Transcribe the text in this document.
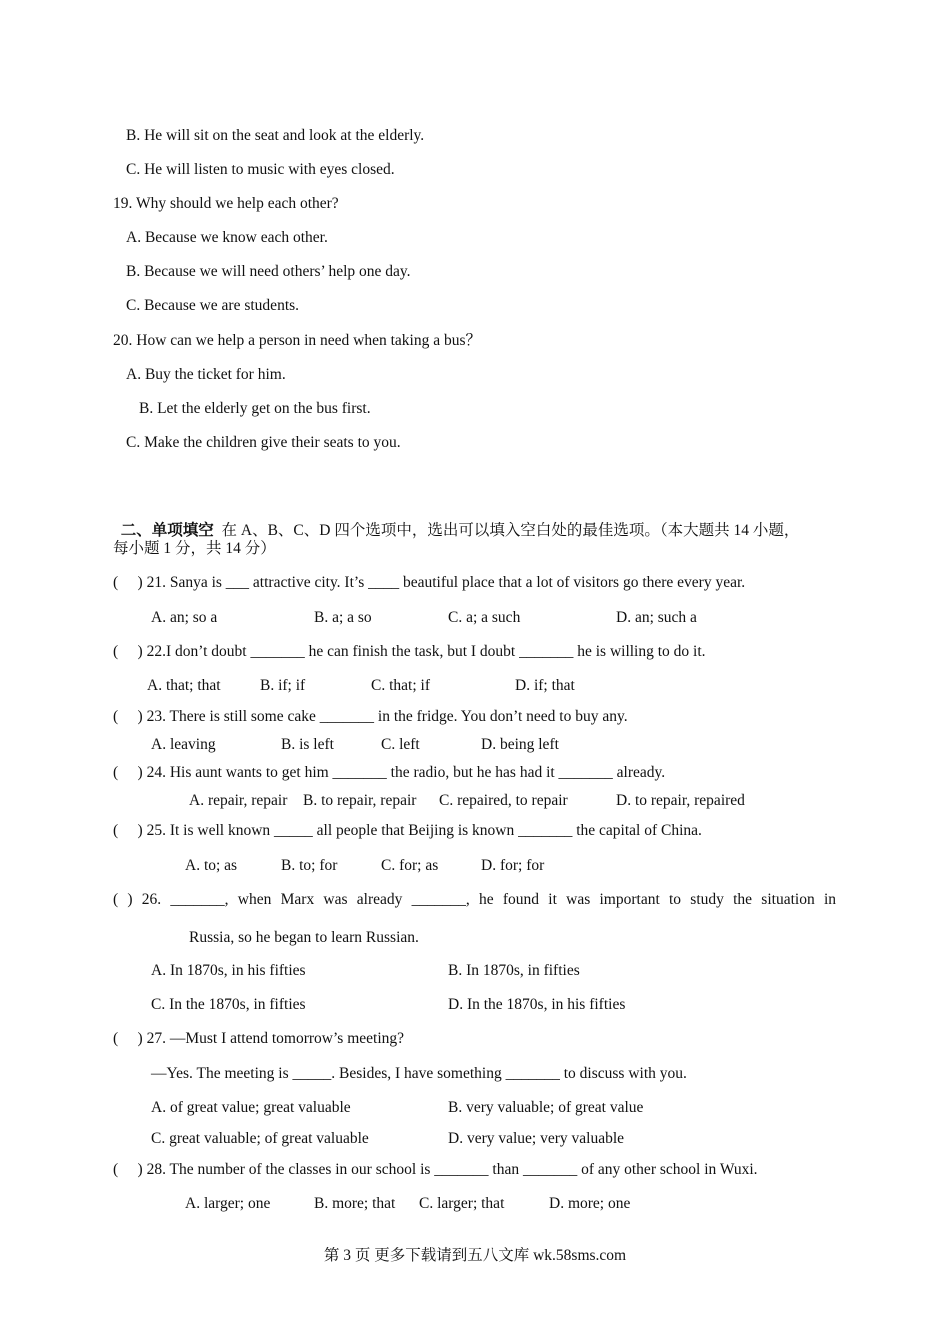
B. He will sit on the seat and look at the elderly.
C. He will listen to music with eyes closed.
19. Why should we help each other?
A. Because we know each other.
B. Because we will need others’ help one day.
C. Because we are students.
20. How can we help a person in need when taking a bus？
A. Buy the ticket for him.
B. Let the elderly get on the bus first.
C. Make the children give their seats to you.

二、单项填空 在 A、B、C、D 四个选项中，选出可以填入空白处的最佳选项。（本大题共 14 小题，

每小题 1 分，共 14 分）
(     ) 21. Sanya is ___ attractive city. It’s ____ beautiful place that a lot of visitors go there every year.
A. an; so a	B. a; a so	C. a; a such	D. an; such a
(     ) 22.I don’t doubt _______ he can finish the task, but I doubt _______ he is willing to do it.
A. that; that	B. if; if	C. that; if	D. if; that
(     ) 23. There is still some cake _______ in the fridge. You don’t need to buy any.
A. leaving	B. is left	C. left	D. being left
(     ) 24. His aunt wants to get him _______ the radio, but he has had it _______ already.
A. repair, repair B. to repair, repair C. repaired, to repair	D. to repair, repaired
(     ) 25. It is well known _____ all people that Beijing is known _______ the capital of China.
A. to; as	B. to; for	C. for; as	D. for; for
( ) 26. _______, when Marx was already _______, he found it was important to study the situation in
Russia, so he began to learn Russian.
A. In 1870s, in his fifties	B. In 1870s, in fifties
C. In the 1870s, in fifties	D. In the 1870s, in his fifties
(     ) 27. —Must I attend tomorrow’s meeting?
—Yes. The meeting is _____. Besides, I have something _______ to discuss with you.
A. of great value; great valuable	B. very valuable; of great value
C. great valuable; of great valuable	D. very value; very valuable
(     ) 28. The number of the classes in our school is _______ than _______ of any other school in Wuxi.
A. larger; one	B. more; that C. larger; that	D. more; one
第 3 页 更多下载请到五八文库 wk.58sms.com
